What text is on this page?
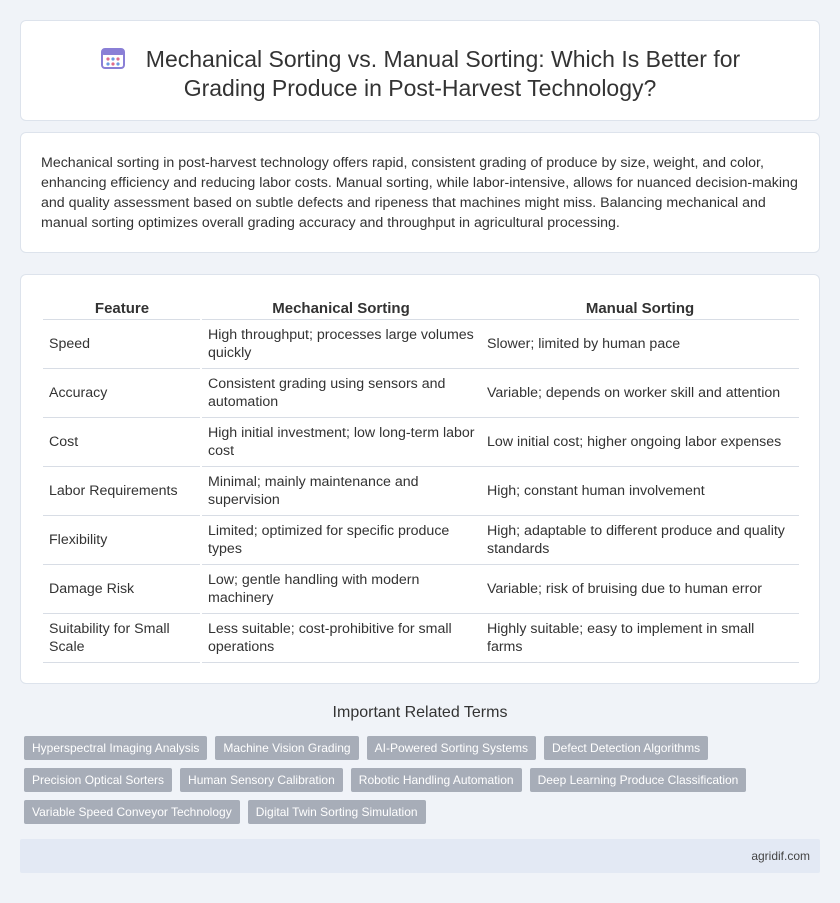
Mechanical Sorting vs. Manual Sorting: Which Is Better for
Grading Produce in Post-Harvest Technology?

Mechanical sorting in post-harvest technology offers rapid, consistent grading of produce by size, weight, and color, enhancing efficiency and reducing labor costs. Manual sorting, while labor-intensive, allows for nuanced decision-making and quality assessment based on subtle defects and ripeness that machines might miss. Balancing mechanical and manual sorting optimizes overall grading accuracy and throughput in agricultural processing.

Feature	Mechanical Sorting	Manual Sorting
Speed	High throughput; processes large volumes quickly	Slower; limited by human pace
Accuracy	Consistent grading using sensors and automation	Variable; depends on worker skill and attention
Cost	High initial investment; low long-term labor cost	Low initial cost; higher ongoing labor expenses
Labor Requirements	Minimal; mainly maintenance and supervision	High; constant human involvement
Flexibility	Limited; optimized for specific produce types	High; adaptable to different produce and quality standards
Damage Risk	Low; gentle handling with modern machinery	Variable; risk of bruising due to human error
Suitability for Small Scale	Less suitable; cost-prohibitive for small operations	Highly suitable; easy to implement in small farms
Important Related Terms
Hyperspectral Imaging Analysis	Machine Vision Grading	AI-Powered Sorting Systems	Defect Detection Algorithms
Precision Optical Sorters	Human Sensory Calibration	Robotic Handling Automation	Deep Learning Produce Classification
Variable Speed Conveyor Technology	Digital Twin Sorting Simulation
agridif.com
